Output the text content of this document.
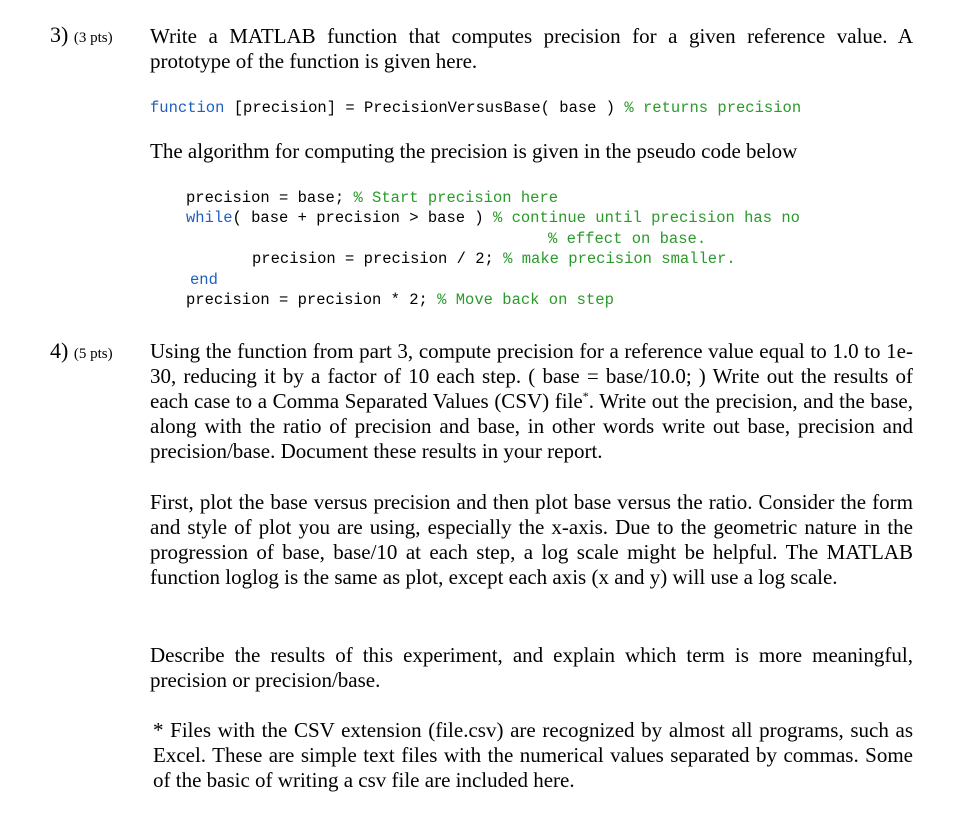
3) (3 pts) Write a MATLAB function that computes precision for a given reference value. A prototype of the function is given here.
function [precision] = PrecisionVersusBase( base ) % returns precision
The algorithm for computing the precision is given in the pseudo code below
precision = base; % Start precision here
while( base + precision > base ) % continue until precision has no
% effect on base.
precision = precision / 2; % make precision smaller.
end
precision = precision * 2; % Move back on step
4) (5 pts) Using the function from part 3, compute precision for a reference value equal to 1.0 to 1e-30, reducing it by a factor of 10 each step. ( base = base/10.0; ) Write out the results of each case to a Comma Separated Values (CSV) file*. Write out the precision, and the base, along with the ratio of precision and base, in other words write out base, precision and precision/base. Document these results in your report.
First, plot the base versus precision and then plot base versus the ratio. Consider the form and style of plot you are using, especially the x-axis. Due to the geometric nature in the progression of base, base/10 at each step, a log scale might be helpful. The MATLAB function loglog is the same as plot, except each axis (x and y) will use a log scale.
Describe the results of this experiment, and explain which term is more meaningful, precision or precision/base.
* Files with the CSV extension (file.csv) are recognized by almost all programs, such as Excel. These are simple text files with the numerical values separated by commas. Some of the basic of writing a csv file are included here.
